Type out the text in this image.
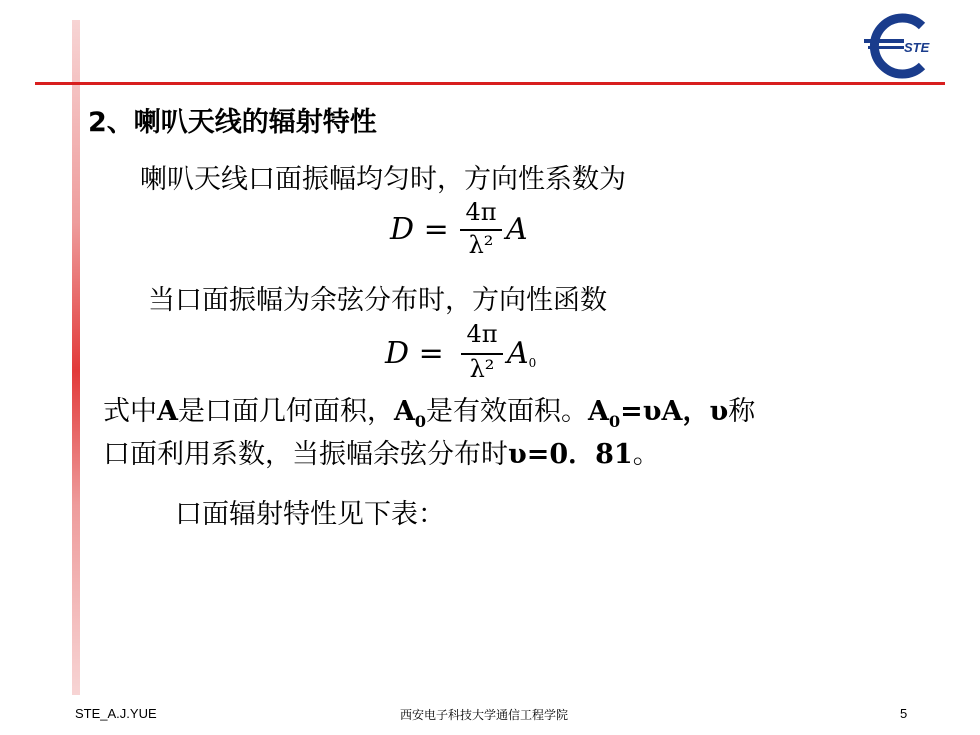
STE
2、喇叭天线的辐射特性
喇叭天线口面振幅均匀时，方向性系数为
D = 4π
λ² A
当口面振幅为余弦分布时，方向性函数
D =
4π
λ² A0
式中A是口面几何面积，$A_0$是有效面积。$A_0=\upsilon A$，υ称
口面利用系数，当振幅余弦分布时υ=0．81。
口面辐射特性见下表：
STE_A.J.YUE	西安电子科技大学通信工程学院	5
